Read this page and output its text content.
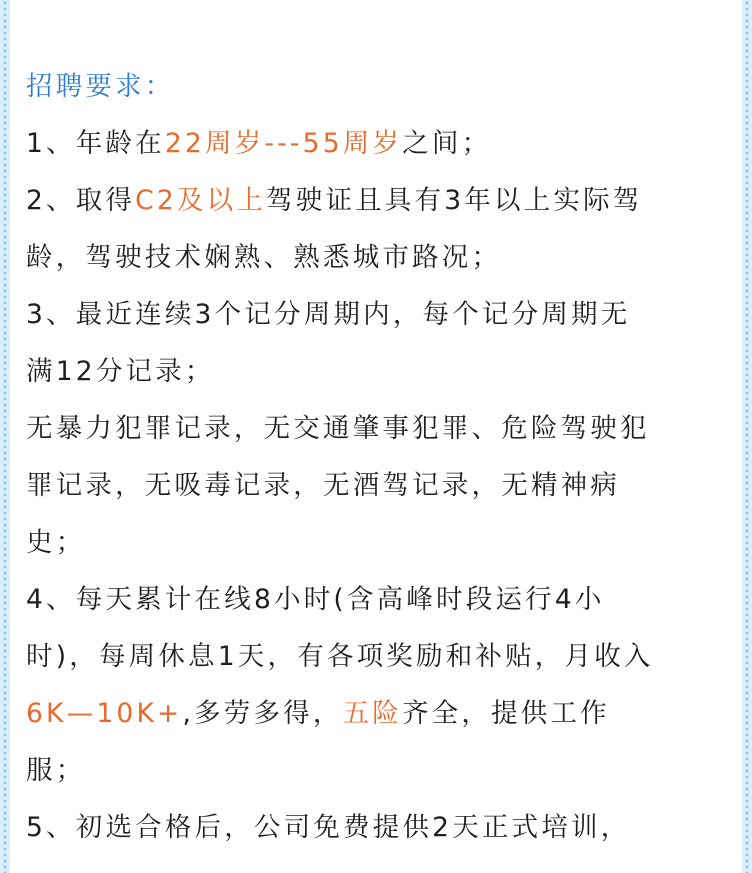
招聘要求：
1、年龄在22周岁---55周岁之间；
2、取得C2及以上驾驶证且具有3年以上实际驾
龄，驾驶技术娴熟、熟悉城市路况；
3、最近连续3个记分周期内，每个记分周期无
满12分记录；
无暴力犯罪记录，无交通肇事犯罪、危险驾驶犯
罪记录，无吸毒记录，无酒驾记录，无精神病
史；
4、每天累计在线8小时(含高峰时段运行4小
时)，每周休息1天，有各项奖励和补贴，月收入
6K—10K+,多劳多得，五险齐全，提供工作
服；
5、初选合格后，公司免费提供2天正式培训，
